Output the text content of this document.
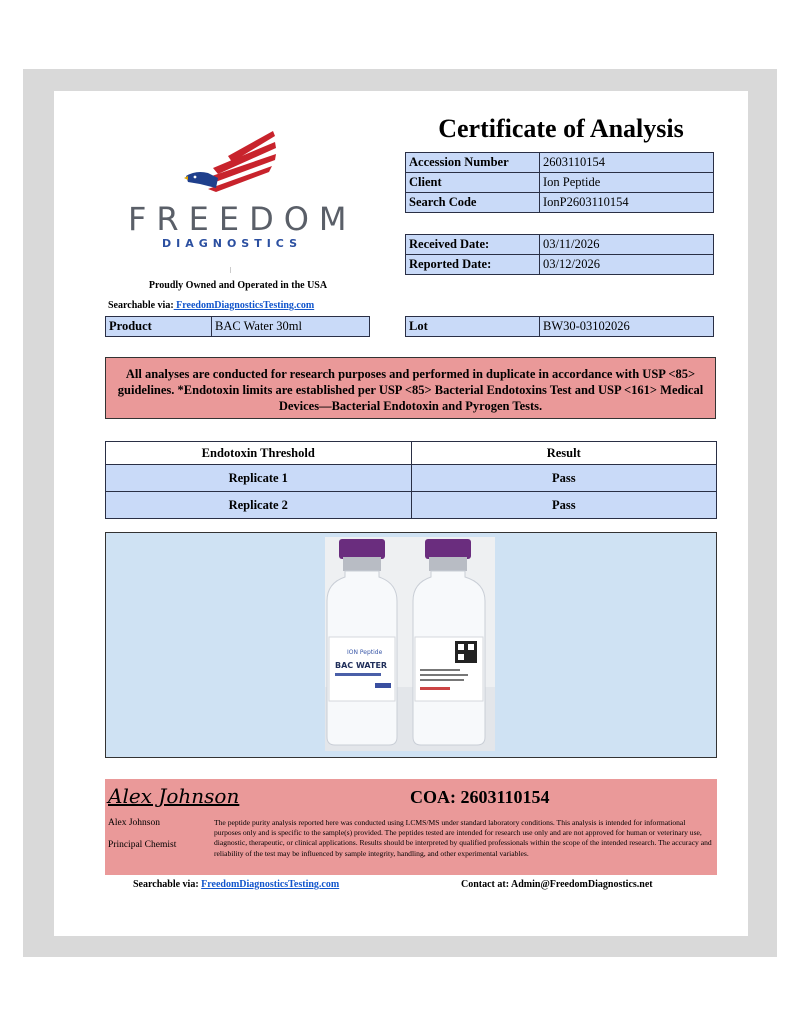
FREEDOM
DIAGNOSTICS
Proudly Owned and Operated in the USA
Searchable via: FreedomDiagnosticsTesting.com
Certificate of Analysis
Accession Number	2603110154
Client	Ion Peptide
Search Code	IonP2603110154
Received Date:	03/11/2026
Reported Date:	03/12/2026
Product	BAC Water 30ml	Lot	BW30-03102026
All analyses are conducted for research purposes and performed in duplicate in accordance with USP <85> guidelines. *Endotoxin limits are established per USP <85> Bacterial Endotoxins Test and USP <161> Medical Devices—Bacterial Endotoxin and Pyrogen Tests.
Endotoxin Threshold	Result
Replicate 1	Pass
Replicate 2	Pass
ION Peptide
BAC WATER
Alex Johnson	COA: 2603110154
Alex Johnson
Principal Chemist
The peptide purity analysis reported here was conducted using LCMS/MS under standard laboratory conditions. This analysis is intended for informational purposes only and is specific to the sample(s) provided. The peptides tested are intended for research use only and are not approved for human or veterinary use, diagnostic, therapeutic, or clinical applications. Results should be interpreted by qualified professionals within the scope of the intended research. The accuracy and reliability of the test may be influenced by sample integrity, handling, and other experimental variables.
Searchable via: FreedomDiagnosticsTesting.com	Contact at: Admin@FreedomDiagnostics.net
